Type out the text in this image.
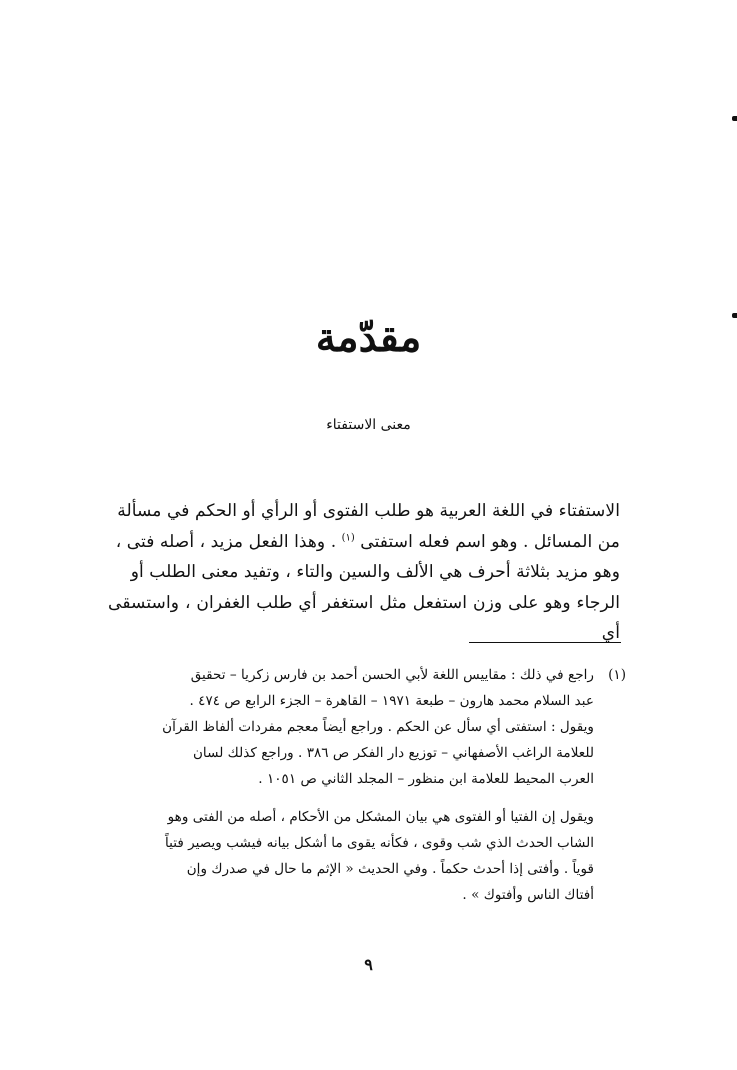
مقدّمة
معنى الاستفتاء

الاستفتاء في اللغة العربية هو طلب الفتوى أو الرأي أو الحكم في مسألة

من المسائل . وهو اسم فعله استفتى $^{(١)}$ . وهذا الفعل مزيد ، أصله فتى ،

وهو مزيد بثلاثة أحرف هي الألف والسين والتاء ، وتفيد معنى الطلب أو

الرجاء وهو على وزن استفعل مثل استغفر أي طلب الغفران ، واستسقى أي

(١)
راجع في ذلك : مقاييس اللغة لأبي الحسن أحمد بن فارس زكريا – تحقيق
عبد السلام محمد هارون – طبعة ١٩٧١ – القاهرة – الجزء الرابع ص ٤٧٤ .
ويقول : استفتى أي سأل عن الحكم . وراجع أيضاً معجم مفردات ألفاظ القرآن
للعلامة الراغب الأصفهاني – توزيع دار الفكر ص ٣٨٦ . وراجع كذلك لسان
العرب المحيط للعلامة ابن منظور – المجلد الثاني ص ١٠٥١ .
ويقول إن الفتيا أو الفتوى هي بيان المشكل من الأحكام ، أصله من الفتى وهو
الشاب الحدث الذي شب وقوى ، فكأنه يقوى ما أشكل بيانه فيشب ويصير فتياً
قوياً . وأفتى إذا أحدث حكماً . وفي الحديث « الإثم ما حال في صدرك وإن
أفتاك الناس وأفتوك » .
٩
